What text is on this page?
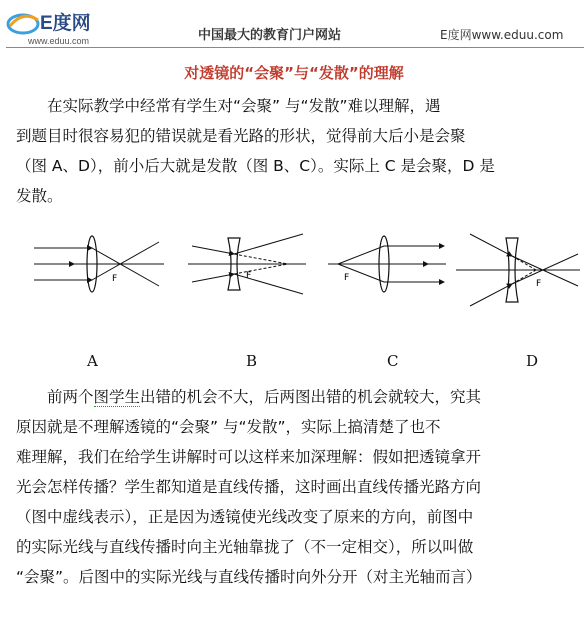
E度网
www.eduu.com	中国最大的教育门户网站	E度网www.eduu.com
对透镜的“会聚”与“发散”的理解
在实际教学中经常有学生对“会聚” 与“发散”难以理解，遇
到题目时很容易犯的错误就是看光路的形状，觉得前大后小是会聚
（图 A、D），前小后大就是发散（图 B、C）。实际上 C 是会聚，D 是
发散。
F	F	F
F
A	B	C	D
前两个图学生出错的机会不大，后两图出错的机会就较大，究其
原因就是不理解透镜的“会聚” 与“发散”，实际上搞清楚了也不
难理解，我们在给学生讲解时可以这样来加深理解：假如把透镜拿开
光会怎样传播？学生都知道是直线传播，这时画出直线传播光路方向
（图中虚线表示），正是因为透镜使光线改变了原来的方向，前图中
的实际光线与直线传播时向主光轴靠拢了（不一定相交），所以叫做
“会聚”。后图中的实际光线与直线传播时向外分开（对主光轴而言）
